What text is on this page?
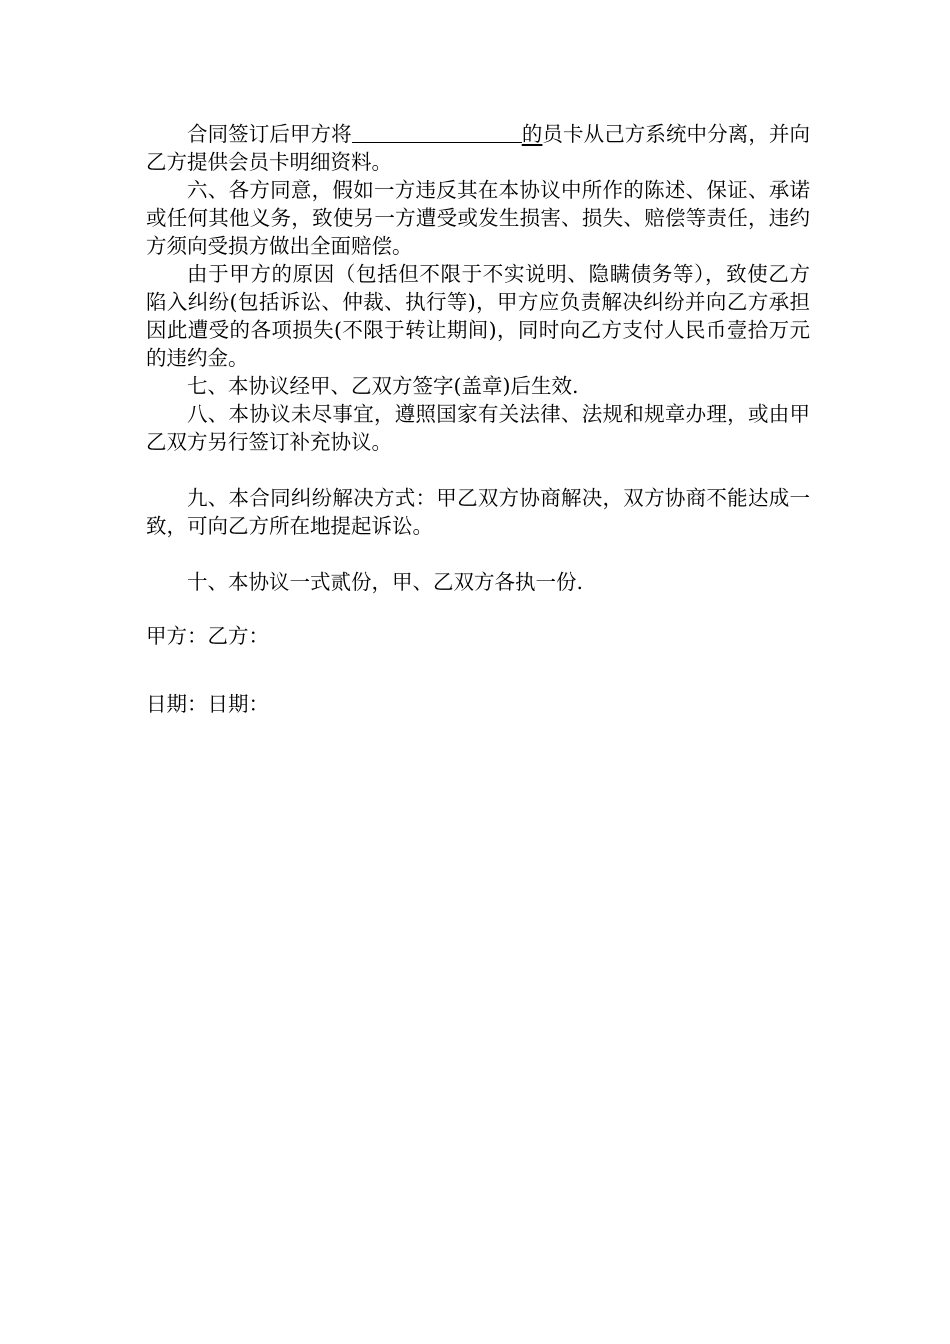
合同签订后甲方将	的员卡从己方系统中分离，并向乙方提供会员卡明细资料。

六、各方同意，假如一方违反其在本协议中所作的陈述、保证、承诺或任何其他义务，致使另一方遭受或发生损害、损失、赔偿等责任，违约方须向受损方做出全面赔偿。

由于甲方的原因（包括但不限于不实说明、隐瞒债务等），致使乙方陷入纠纷(包括诉讼、仲裁、执行等)，甲方应负责解决纠纷并向乙方承担因此遭受的各项损失(不限于转让期间)，同时向乙方支付人民币壹拾万元的违约金。

七、本协议经甲、乙双方签字(盖章)后生效.

八、本协议未尽事宜，遵照国家有关法律、法规和规章办理，或由甲乙双方另行签订补充协议。

九、本合同纠纷解决方式：甲乙双方协商解决，双方协商不能达成一致，可向乙方所在地提起诉讼。

十、本协议一式贰份，甲、乙双方各执一份.

甲方：乙方：

日期：日期：
